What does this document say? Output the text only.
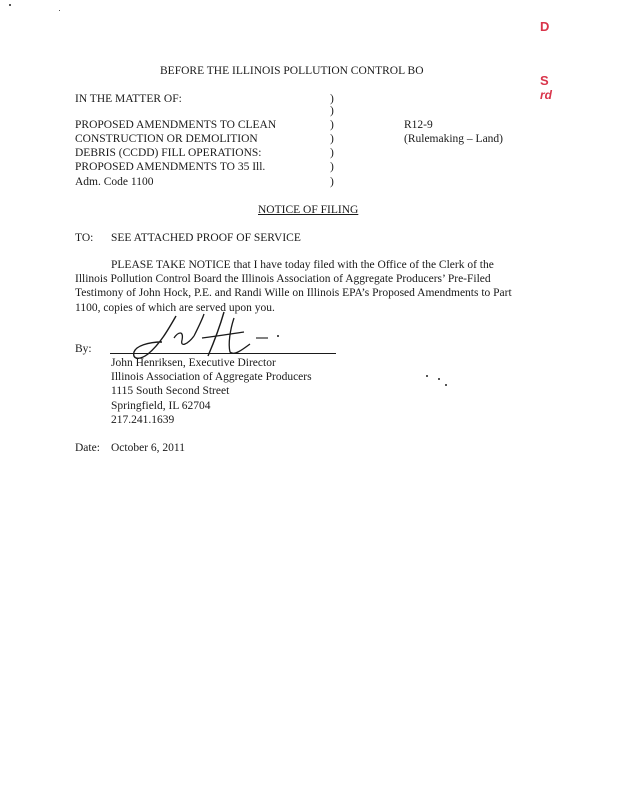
D
S
rd
BEFORE THE ILLINOIS POLLUTION CONTROL BO
IN THE MATTER OF:
PROPOSED AMENDMENTS TO CLEAN
CONSTRUCTION OR DEMOLITION
DEBRIS (CCDD) FILL OPERATIONS:
PROPOSED AMENDMENTS TO 35 Ill.
Adm. Code 1100
)
)
)
)
)
)
)
R12-9
(Rulemaking – Land)
NOTICE OF FILING
TO: SEE ATTACHED PROOF OF SERVICE
PLEASE TAKE NOTICE that I have today filed with the Office of the Clerk of the
Illinois Pollution Control Board the Illinois Association of Aggregate Producers’ Pre-Filed
Testimony of John Hock, P.E. and Randi Wille on Illinois EPA’s Proposed Amendments to Part
1100, copies of which are served upon you.
By:
John Henriksen, Executive Director
Illinois Association of Aggregate Producers
1115 South Second Street
Springfield, IL 62704
217.241.1639
Date: October 6, 2011
